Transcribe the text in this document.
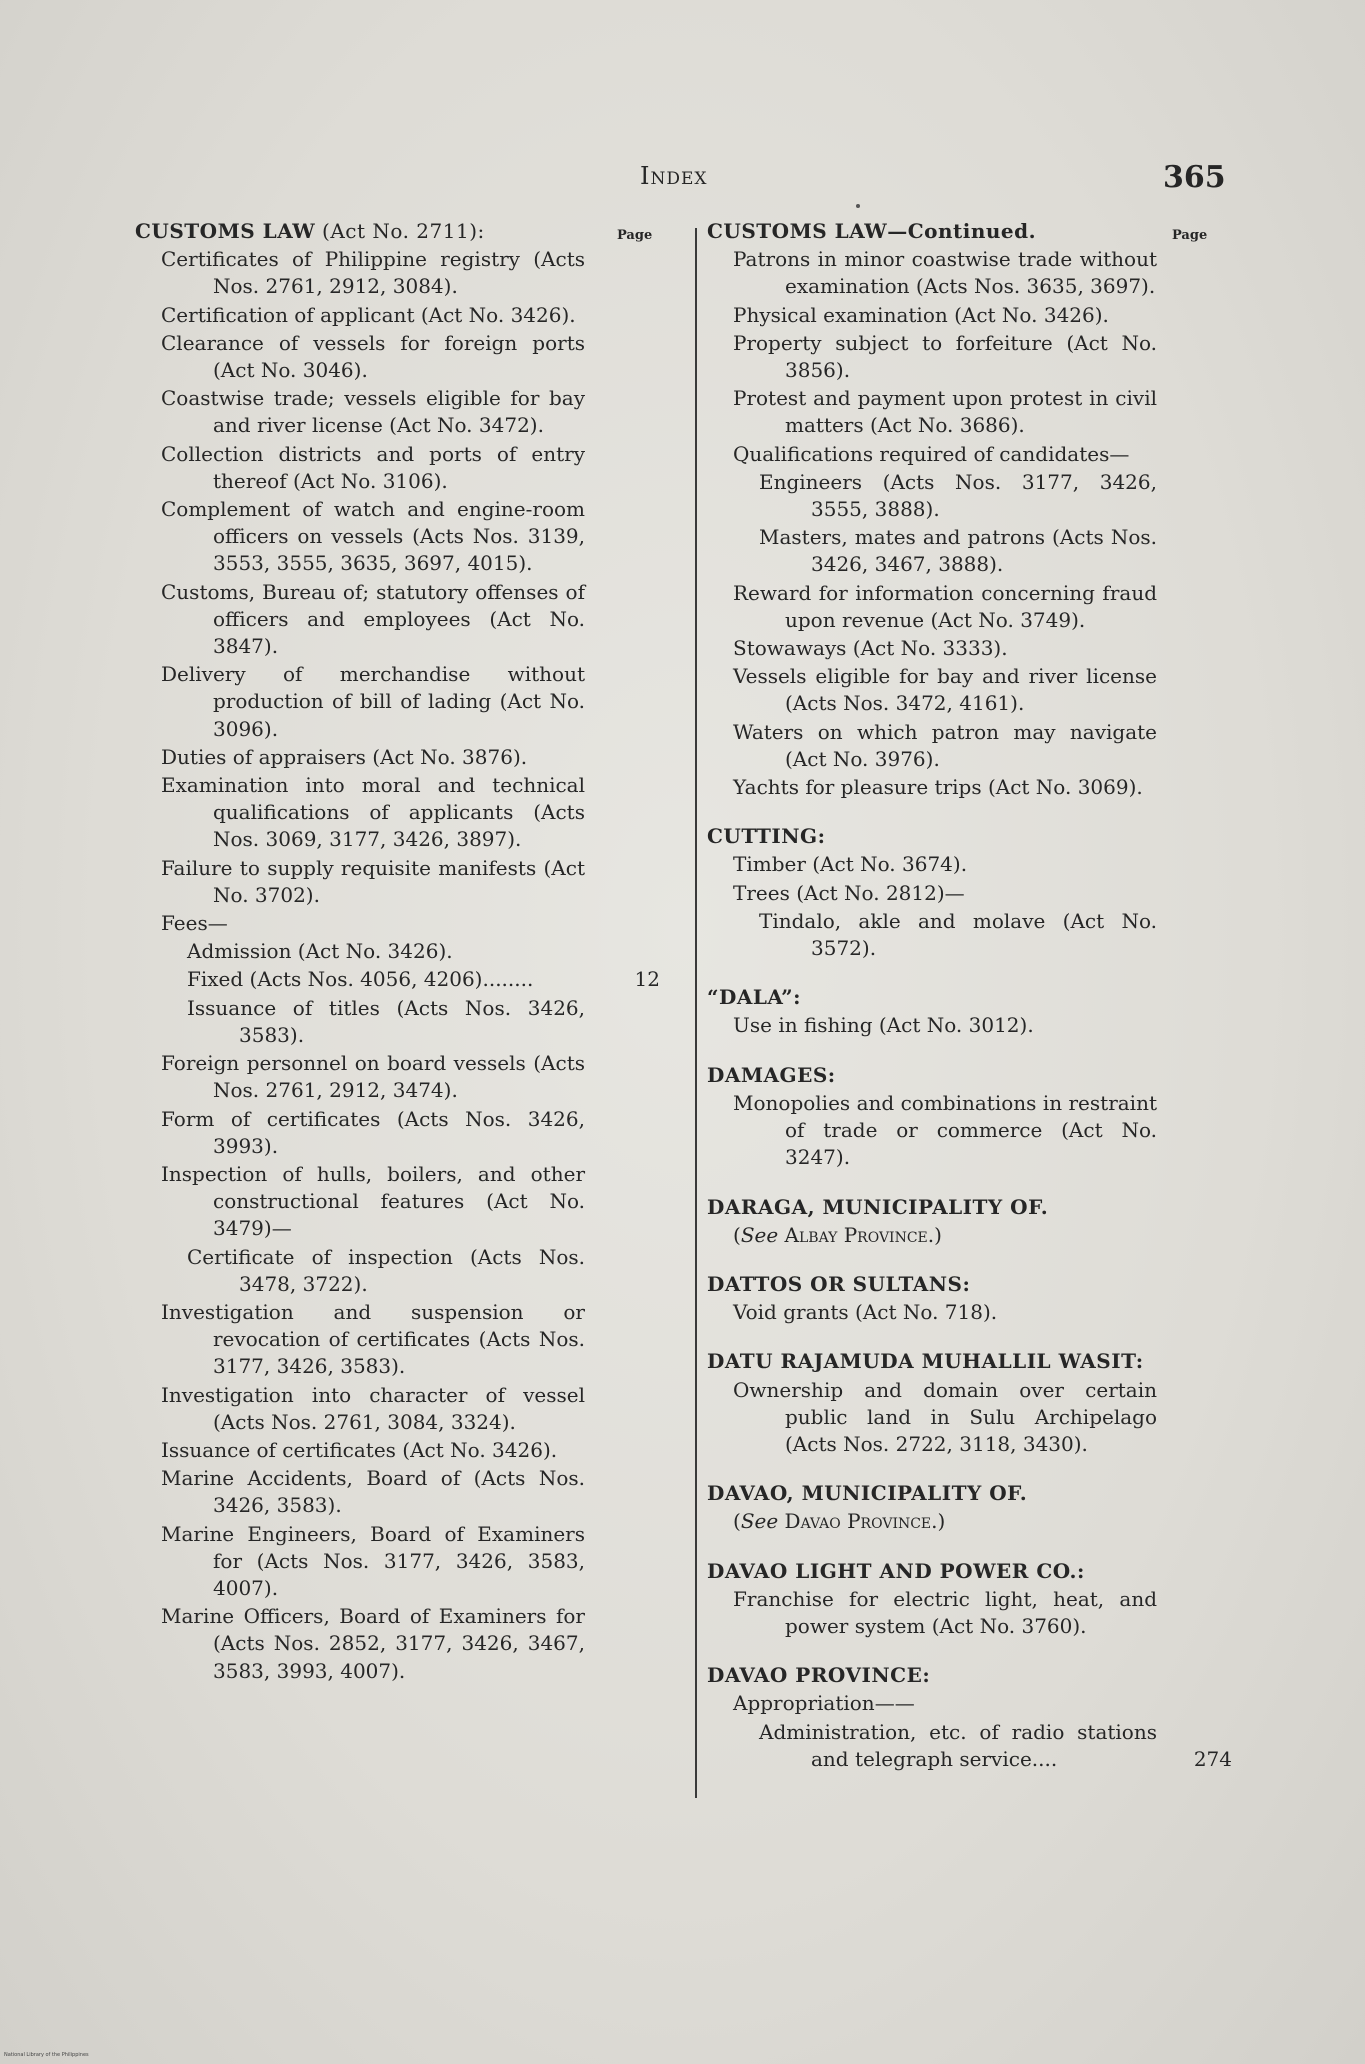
Index	365
Page	Page
CUSTOMS LAW (Act No. 2711):
Certificates of Philippine registry (Acts Nos. 2761, 2912, 3084).
Certification of applicant (Act No. 3426).
Clearance of vessels for foreign ports (Act No. 3046).
Coastwise trade; vessels eligible for bay and river license (Act No. 3472).
Collection districts and ports of entry thereof (Act No. 3106).
Complement of watch and engine-room officers on vessels (Acts Nos. 3139, 3553, 3555, 3635, 3697, 4015).
Customs, Bureau of; statutory offenses of officers and employees (Act No. 3847).
Delivery of merchandise without production of bill of lading (Act No. 3096).
Duties of appraisers (Act No. 3876).
Examination into moral and technical qualifications of applicants (Acts Nos. 3069, 3177, 3426, 3897).
Failure to supply requisite manifests (Act No. 3702).
Fees—
Admission (Act No. 3426).
Fixed (Acts Nos. 4056, 4206)........	12
Issuance of titles (Acts Nos. 3426, 3583).
Foreign personnel on board vessels (Acts Nos. 2761, 2912, 3474).
Form of certificates (Acts Nos. 3426, 3993).
Inspection of hulls, boilers, and other constructional features (Act No. 3479)—
Certificate of inspection (Acts Nos. 3478, 3722).
Investigation and suspension or revocation of certificates (Acts Nos. 3177, 3426, 3583).
Investigation into character of vessel (Acts Nos. 2761, 3084, 3324).
Issuance of certificates (Act No. 3426).
Marine Accidents, Board of (Acts Nos. 3426, 3583).
Marine Engineers, Board of Examiners for (Acts Nos. 3177, 3426, 3583, 4007).
Marine Officers, Board of Examiners for (Acts Nos. 2852, 3177, 3426, 3467, 3583, 3993, 4007).
CUSTOMS LAW—Continued.
Patrons in minor coastwise trade without examination (Acts Nos. 3635, 3697).
Physical examination (Act No. 3426).
Property subject to forfeiture (Act No. 3856).
Protest and payment upon protest in civil matters (Act No. 3686).
Qualifications required of candidates—
Engineers (Acts Nos. 3177, 3426, 3555, 3888).
Masters, mates and patrons (Acts Nos. 3426, 3467, 3888).
Reward for information concerning fraud upon revenue (Act No. 3749).
Stowaways (Act No. 3333).
Vessels eligible for bay and river license (Acts Nos. 3472, 4161).
Waters on which patron may navigate (Act No. 3976).
Yachts for pleasure trips (Act No. 3069).
CUTTING:
Timber (Act No. 3674).
Trees (Act No. 2812)—
Tindalo, akle and molave (Act No. 3572).
“DALA”:
Use in fishing (Act No. 3012).
DAMAGES:
Monopolies and combinations in restraint of trade or commerce (Act No. 3247).
DARAGA, MUNICIPALITY OF.
(See Albay Province.)
DATTOS OR SULTANS:
Void grants (Act No. 718).
DATU RAJAMUDA MUHALLIL WASIT:
Ownership and domain over certain public land in Sulu Archipelago (Acts Nos. 2722, 3118, 3430).
DAVAO, MUNICIPALITY OF.
(See Davao Province.)
DAVAO LIGHT AND POWER CO.:
Franchise for electric light, heat, and power system (Act No. 3760).
DAVAO PROVINCE:
Appropriation——
Administration, etc. of radio stations and telegraph service....	274
National Library of the Philippines
